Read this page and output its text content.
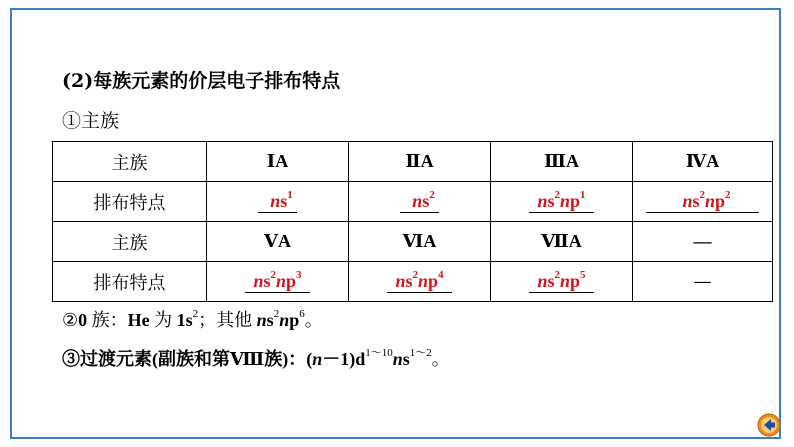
(2)每族元素的价层电子排布特点
①主族
主族	ⅠA	ⅡA	ⅢA	ⅣA
排布特点	$ns^1$	$ns^2$	$ns^2np^1$	$ns^2np^2$
主族	ⅤA	ⅥA	ⅦA	—
排布特点	$ns^2np^3$	$ns^2np^4$	$ns^2np^5$	—
②0 族：He 为 $1s^2$；其他 $ns^2np^6$。
③过渡元素(副族和第Ⅷ族)：$(n-1)d^{1\sim 10}ns^{1\sim 2}$。
